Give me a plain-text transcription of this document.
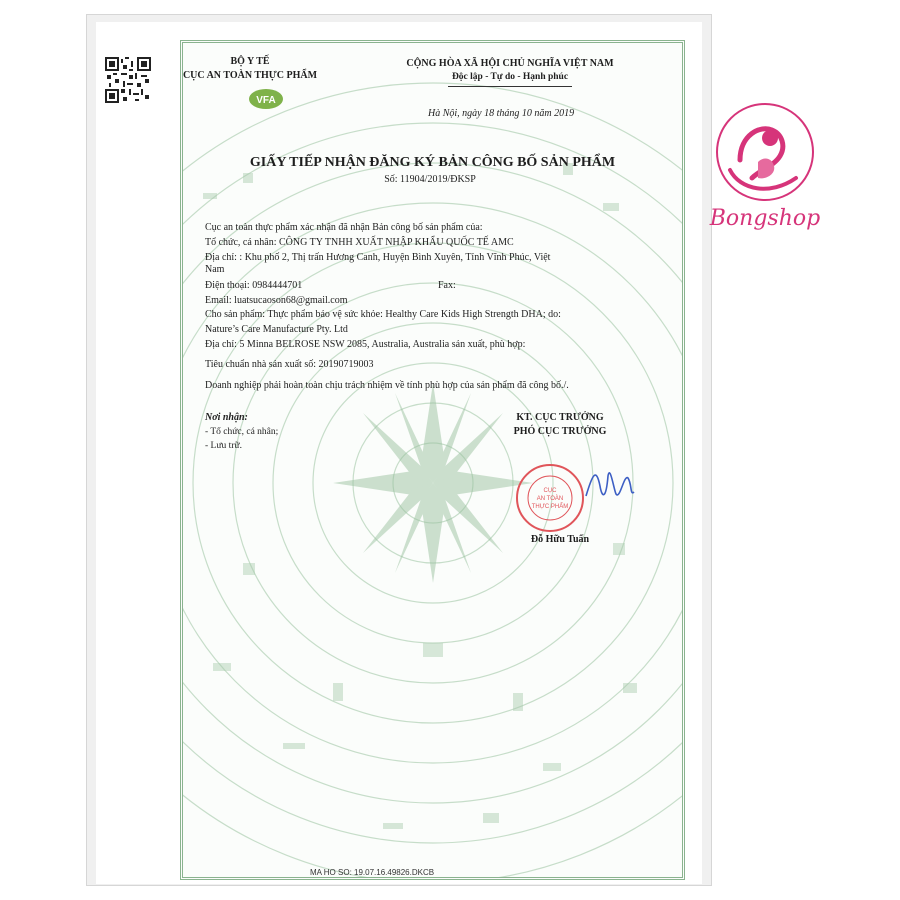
BỘ Y TẾ
CỤC AN TOÀN THỰC PHẨM
VFA
CỘNG HÒA XÃ HỘI CHỦ NGHĨA VIỆT NAM
Độc lập - Tự do - Hạnh phúc
Hà Nội, ngày 18 tháng 10 năm 2019
GIẤY TIẾP NHẬN ĐĂNG KÝ BẢN CÔNG BỐ SẢN PHẨM
Số: 11904/2019/ĐKSP
Cục an toàn thực phẩm xác nhận đã nhận Bản công bố sản phẩm của:
Tổ chức, cá nhân: CÔNG TY TNHH XUẤT NHẬP KHẨU QUỐC TẾ AMC
Địa chỉ: : Khu phố 2, Thị trấn Hương Canh, Huyện Bình Xuyên, Tỉnh Vĩnh Phúc, Việt
Nam
Điện thoại: 0984444701	Fax:
Email: luatsucaoson68@gmail.com
Cho sản phẩm: Thực phẩm bảo vệ sức khỏe: Healthy Care Kids High Strength DHA; do:
Nature’s Care Manufacture Pty. Ltd
Địa chỉ: 5 Minna BELROSE NSW 2085, Australia, Australia sản xuất, phù hợp:
Tiêu chuẩn nhà sản xuất số: 20190719003
Doanh nghiệp phải hoàn toàn chịu trách nhiệm về tính phù hợp của sản phẩm đã công bố./.
Nơi nhận:
- Tổ chức, cá nhân;
- Lưu trữ.
KT. CỤC TRƯỞNG
PHÓ CỤC TRƯỞNG
CỤC
AN TOÀN
THỰC PHẨM
Đỗ Hữu Tuấn
MA HO SO: 19.07.16.49826.DKCB
Bongshop
